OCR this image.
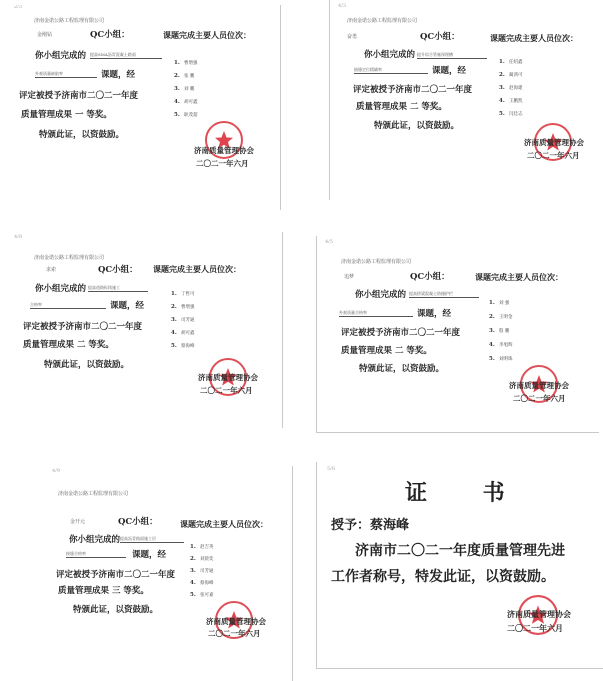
2/3
济南金诺公路工程监理有限公司
金刚钻	QC小组：
你小组完成的 提高SMA沥青混凝土路面
外观质量缺陷率	课题，经
评定被授予济南市二〇二一年度
质量管理成果 一 等奖。
特颁此证，以资鼓励。
课题完成主要人员位次：
1. 曹增强
2. 张 鹏
3. 刘 鹏
4. 胡可鑫
5. 耿茂超
济南质量管理协会
二〇二一年六月
4/3
济南金诺公路工程监理有限公司
奋勇	QC小组：
你小组完成的 提升综合管廊预埋槽
抽缝定位精确率	课题，经
评定被授予济南市二〇二一年度
质量管理成果 二 等奖。
特颁此证，以资鼓励。
课题完成主要人员位次：
1. 任绍鑫
2. 蔺鸿可
3. 赵海建
4. 王鹏凯
5. 闫廷志
济南质量管理协会
二〇二一年六月
4/8
济南金诺公路工程监理有限公司
求索	QC小组：
你小组完成的 提高道路标线施工
合格率	课题，经
评定被授予济南市二〇二一年度
质量管理成果 二 等奖。
特颁此证，以资鼓励。
课题完成主要人员位次：
1. 丁哲可
2. 曹增强
3. 司芳通
4. 胡可鑫
5. 蔡海峰
济南质量管理协会
二〇二一年六月
4/5
济南金诺公路工程监理有限公司
追梦	QC小组：
你小组完成的 提高桥梁混凝土防撞护栏
外观质量合格率	课题，经
评定被授予济南市二〇二一年度
质量管理成果 二 等奖。
特颁此证，以资鼓励。
课题完成主要人员位次：
1. 刘 强
2. 王明金
3. 殷 鹏
4. 李旭辉
5. 刘明珠
济南质量管理协会
二〇二一年六月
4/9
济南金诺公路工程监理有限公司
金开元	QC小组：
你小组完成的 提高沥青路面施工层
接缝合格率	课题，经
评定被授予济南市二〇二一年度
质量管理成果 三 等奖。
特颁此证，以资鼓励。
课题完成主要人员位次：
1. 赵吉英
2. 刘晨奕
3. 司芳通
4. 蔡海峰
5. 张可嘉
济南质量管理协会
二〇二一年六月
5/8
证 书
授予：蔡海峰
济南市二〇二一年度质量管理先进
工作者称号，特发此证，以资鼓励。
济南质量管理协会
二〇二一年六月
